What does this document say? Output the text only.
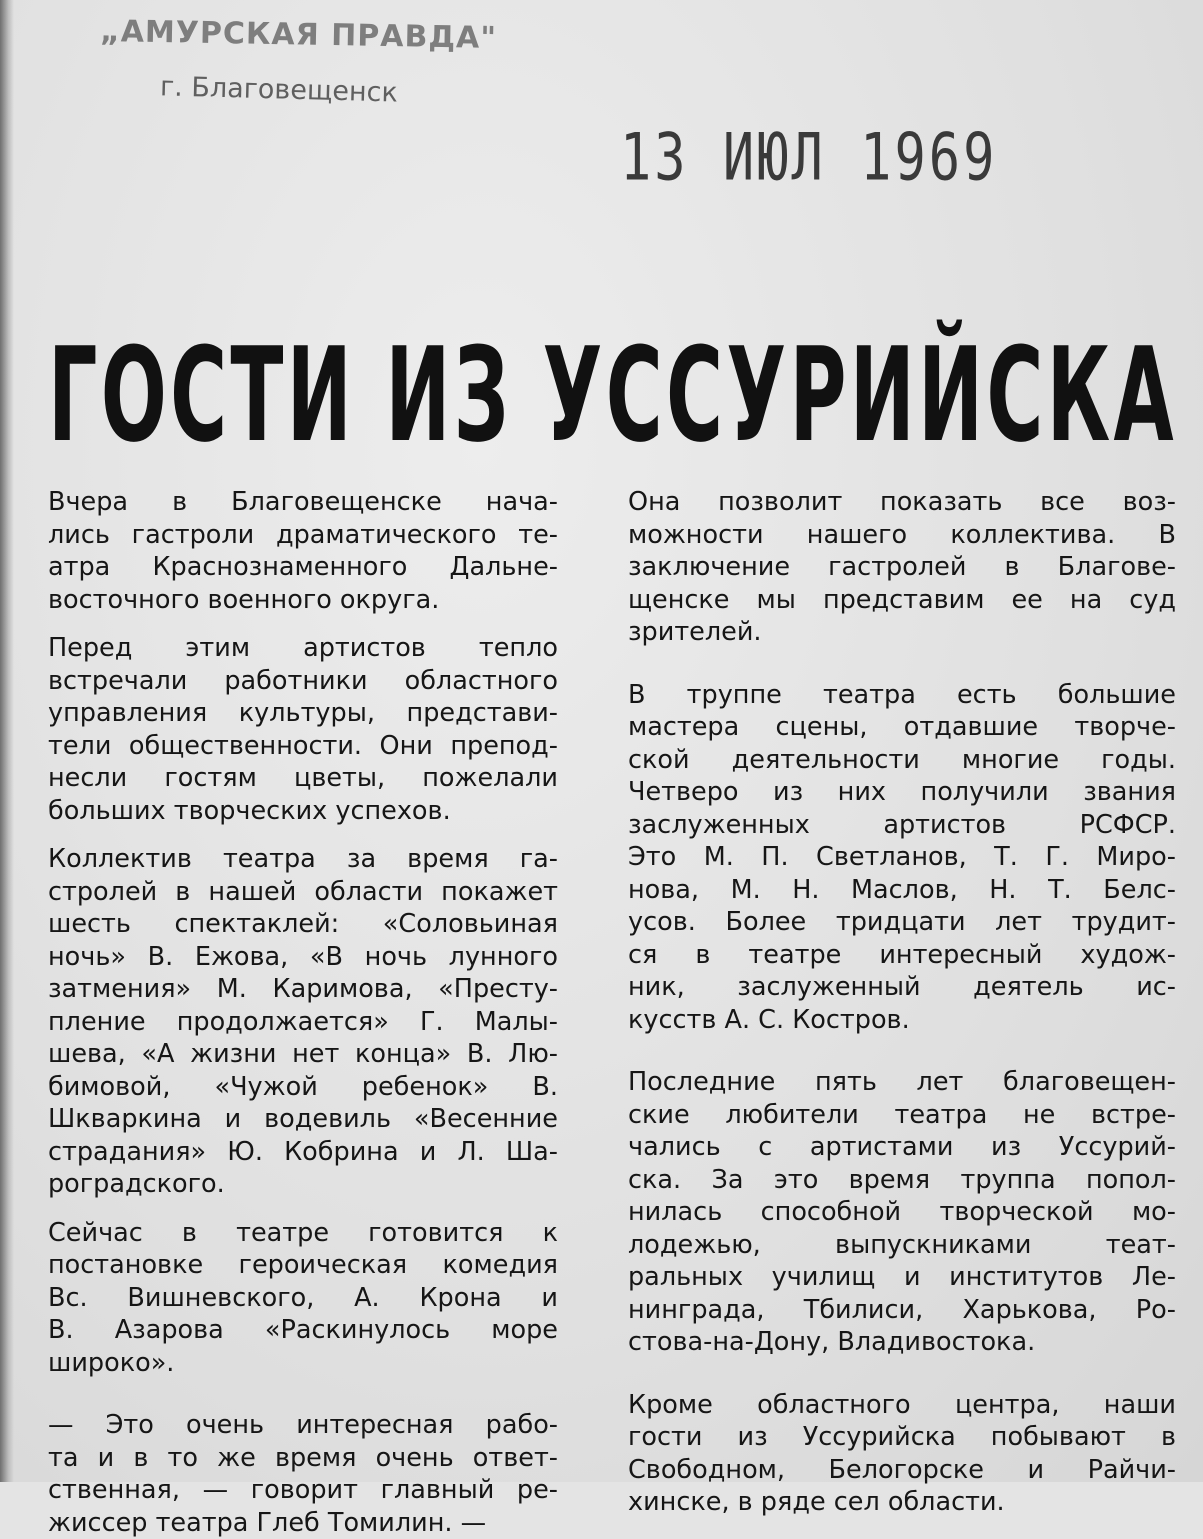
„АМУРСКАЯ ПРАВДА"
г. Благовещенск
13 ИЮЛ 1969
ГОСТИ ИЗ УССУРИЙСКА

Вчера в Благовещенске нача-
лись гастроли драматического те-
атра Краснознаменного Дальне-
восточного военного округа.

Перед этим артистов тепло
встречали работники областного
управления культуры, представи-
тели общественности. Они препод-
несли гостям цветы, пожелали
больших творческих успехов.

Коллектив театра за время га-
стролей в нашей области покажет
шесть спектаклей: «Соловьиная
ночь» В. Ежова, «В ночь лунного
затмения» М. Каримова, «Престу-
пление продолжается» Г. Малы-
шева, «А жизни нет конца» В. Лю-
бимовой, «Чужой ребенок» В.
Шкваркина и водевиль «Весенние
страдания» Ю. Кобрина и Л. Ша-
роградского.

Сейчас в театре готовится к
постановке героическая комедия
Вс. Вишневского, А. Крона и
В. Азарова «Раскинулось море
широко».

— Это очень интересная рабо-
та и в то же время очень ответ-
ственная, — говорит главный ре-
жиссер театра Глеб Томилин. —

Она позволит показать все воз-
можности нашего коллектива. В
заключение гастролей в Благове-
щенске мы представим ее на суд
зрителей.

В труппе театра есть большие
мастера сцены, отдавшие творче-
ской деятельности многие годы.
Четверо из них получили звания
заслуженных артистов РСФСР.
Это М. П. Светланов, Т. Г. Миро-
нова, М. Н. Маслов, Н. Т. Белс-
усов. Более тридцати лет трудит-
ся в театре интересный худож-
ник, заслуженный деятель ис-
кусств А. С. Костров.

Последние пять лет благовещен-
ские любители театра не встре-
чались с артистами из Уссурий-
ска. За это время труппа попол-
нилась способной творческой мо-
лодежью, выпускниками теат-
ральных училищ и институтов Ле-
нинграда, Тбилиси, Харькова, Ро-
стова-на-Дону, Владивостока.

Кроме областного центра, наши
гости из Уссурийска побывают в
Свободном, Белогорске и Райчи-
хинске, в ряде сел области.
